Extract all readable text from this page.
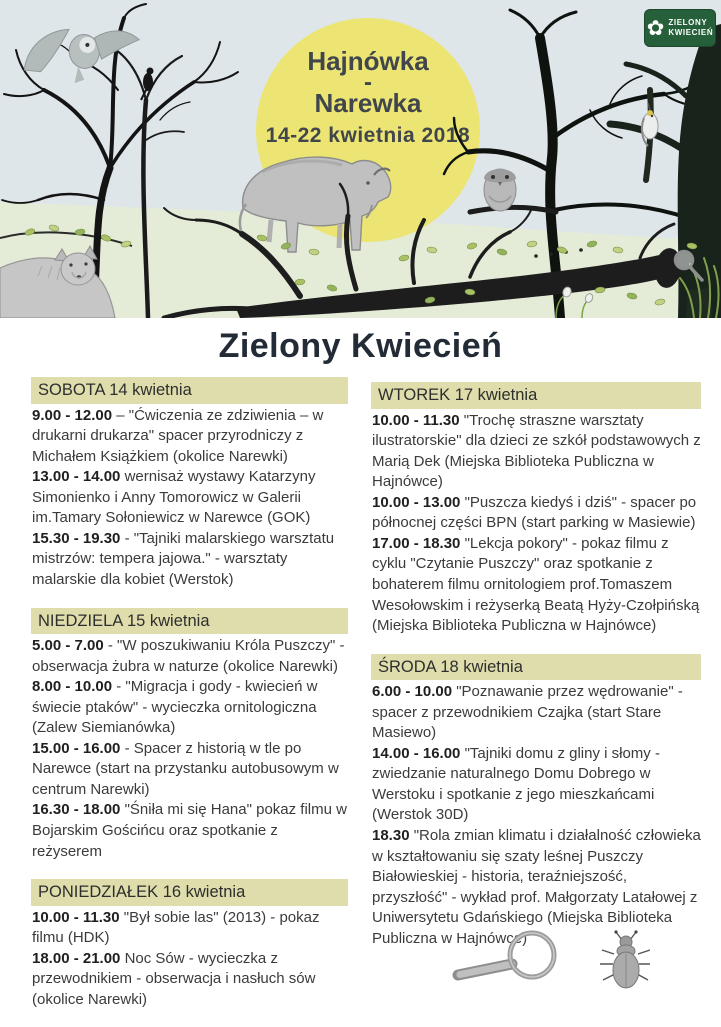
Hajnówka
-
Narewka
14-22 kwietnia 2018
✿ ZIELONY
KWIECIEŃ
Zielony Kwiecień
SOBOTA 14 kwietnia

9.00 - 12.00 – "Ćwiczenia ze zdziwienia – w drukarni drukarza" spacer przyrodniczy z Michałem Książkiem (okolice Narewki)

13.00 - 14.00 wernisaż wystawy Katarzyny Simonienko i Anny Tomorowicz w Galerii im.Tamary Sołoniewicz w Narewce (GOK)

15.30 - 19.30 - "Tajniki malarskiego warsztatu mistrzów: tempera jajowa." - warsztaty malarskie dla kobiet (Werstok)

NIEDZIELA 15 kwietnia

5.00 - 7.00 - "W poszukiwaniu Króla Puszczy" - obserwacja żubra w naturze (okolice Narewki)

8.00 - 10.00 - "Migracja i gody - kwiecień w świecie ptaków" - wycieczka ornitologiczna (Zalew Siemianówka)

15.00 - 16.00 - Spacer z historią w tle po Narewce (start na przystanku autobusowym w centrum Narewki)

16.30 - 18.00 "Śniła mi się Hana" pokaz filmu w Bojarskim Gościńcu oraz spotkanie z reżyserem

PONIEDZIAŁEK 16 kwietnia

10.00 - 11.30 "Był sobie las" (2013) - pokaz filmu (HDK)

18.00 - 21.00 Noc Sów - wycieczka z przewodnikiem - obserwacja i nasłuch sów (okolice Narewki)

WTOREK 17 kwietnia

10.00 - 11.30 "Trochę straszne warsztaty ilustratorskie" dla dzieci ze szkół podstawowych z Marią Dek (Miejska Biblioteka Publiczna w Hajnówce)

10.00 - 13.00 "Puszcza kiedyś i dziś" - spacer po północnej części BPN (start parking w Masiewie)

17.00 - 18.30 "Lekcja pokory" - pokaz filmu z cyklu "Czytanie Puszczy" oraz spotkanie z bohaterem filmu ornitologiem prof.Tomaszem Wesołowskim i reżyserką Beatą Hyży-Czołpińską (Miejska Biblioteka Publiczna w Hajnówce)

ŚRODA 18 kwietnia

6.00 - 10.00 "Poznawanie przez wędrowanie" - spacer z przewodnikiem Czajka (start Stare Masiewo)

14.00 - 16.00 "Tajniki domu z gliny i słomy - zwiedzanie naturalnego Domu Dobrego w Werstoku i spotkanie z jego mieszkańcami (Werstok 30D)

18.30 "Rola zmian klimatu i działalność człowieka w kształtowaniu się szaty leśnej Puszczy Białowieskiej - historia, teraźniejszość, przyszłość" - wykład prof. Małgorzaty Latałowej z Uniwersytetu Gdańskiego (Miejska Biblioteka Publiczna w Hajnówce)
